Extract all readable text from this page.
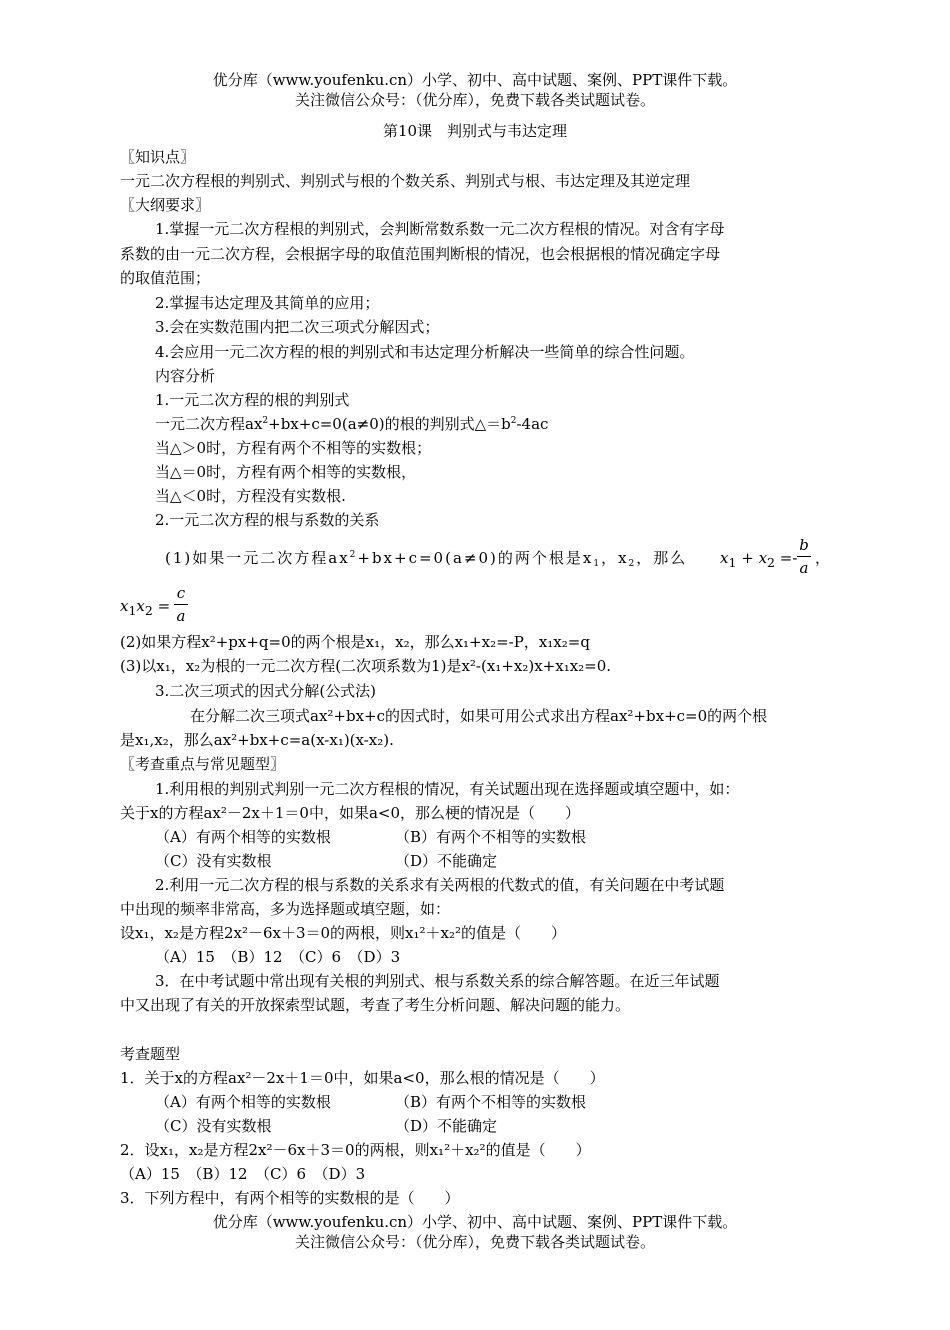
优分库（www.youfenku.cn）小学、初中、高中试题、案例、PPT课件下载。
关注微信公众号：（优分库），免费下载各类试题试卷。
第10课　判别式与韦达定理
〖知识点〗
一元二次方程根的判别式、判别式与根的个数关系、判别式与根、韦达定理及其逆定理
〖大纲要求〗
1.掌握一元二次方程根的判别式，会判断常数系数一元二次方程根的情况。对含有字母
系数的由一元二次方程，会根据字母的取值范围判断根的情况，也会根据根的情况确定字母
的取值范围；
2.掌握韦达定理及其简单的应用；
3.会在实数范围内把二次三项式分解因式；
4.会应用一元二次方程的根的判别式和韦达定理分析解决一些简单的综合性问题。
内容分析
1.一元二次方程的根的判别式
一元二次方程$ax^2+bx+c=0(a\ne 0)$的根的判别式$\triangle=b^2-4ac$
当△＞0时，方程有两个不相等的实数根；
当△＝0时，方程有两个相等的实数根，
当△＜0时，方程没有实数根.
2.一元二次方程的根与系数的关系
(1)如果一元二次方程$ax^2+bx+c=0(a\ne 0)$的两个根是$x_1$，$x_2$，那么 $x_1 + x_2$ =-
b
a
，
$x_1x_2$ =
c
a
(2)如果方程x²+px+q=0的两个根是x₁，x₂，那么x₁+x₂=-P，x₁x₂=q
(3)以x₁，x₂为根的一元二次方程(二次项系数为1)是x²-(x₁+x₂)x+x₁x₂=0.
3.二次三项式的因式分解(公式法)
在分解二次三项式ax²+bx+c的因式时，如果可用公式求出方程ax²+bx+c=0的两个根
是x₁,x₂，那么ax²+bx+c=a(x-x₁)(x-x₂).
〖考查重点与常见题型〗
1.利用根的判别式判别一元二次方程根的情况，有关试题出现在选择题或填空题中，如：
关于x的方程ax²－2x＋1＝0中，如果a<0，那么梗的情况是（　　）
（A）有两个相等的实数根	（B）有两个不相等的实数根
（C）没有实数根	（D）不能确定
2.利用一元二次方程的根与系数的关系求有关两根的代数式的值，有关问题在中考试题
中出现的频率非常高，多为选择题或填空题，如：
设x₁，x₂是方程2x²－6x＋3＝0的两根，则x₁²＋x₂²的值是（　　）
（A）15　（B）12　（C）6　（D）3
3．在中考试题中常出现有关根的判别式、根与系数关系的综合解答题。在近三年试题
中又出现了有关的开放探索型试题，考查了考生分析问题、解决问题的能力。
考查题型
1．关于x的方程ax²－2x＋1＝0中，如果a<0，那么根的情况是（　　）
（A）有两个相等的实数根	（B）有两个不相等的实数根
（C）没有实数根	（D）不能确定
2．设x₁，x₂是方程2x²－6x＋3＝0的两根，则x₁²＋x₂²的值是（　　）
（A）15　（B）12　（C）6　（D）3
3．下列方程中，有两个相等的实数根的是（　　）
优分库（www.youfenku.cn）小学、初中、高中试题、案例、PPT课件下载。
关注微信公众号：（优分库），免费下载各类试题试卷。
